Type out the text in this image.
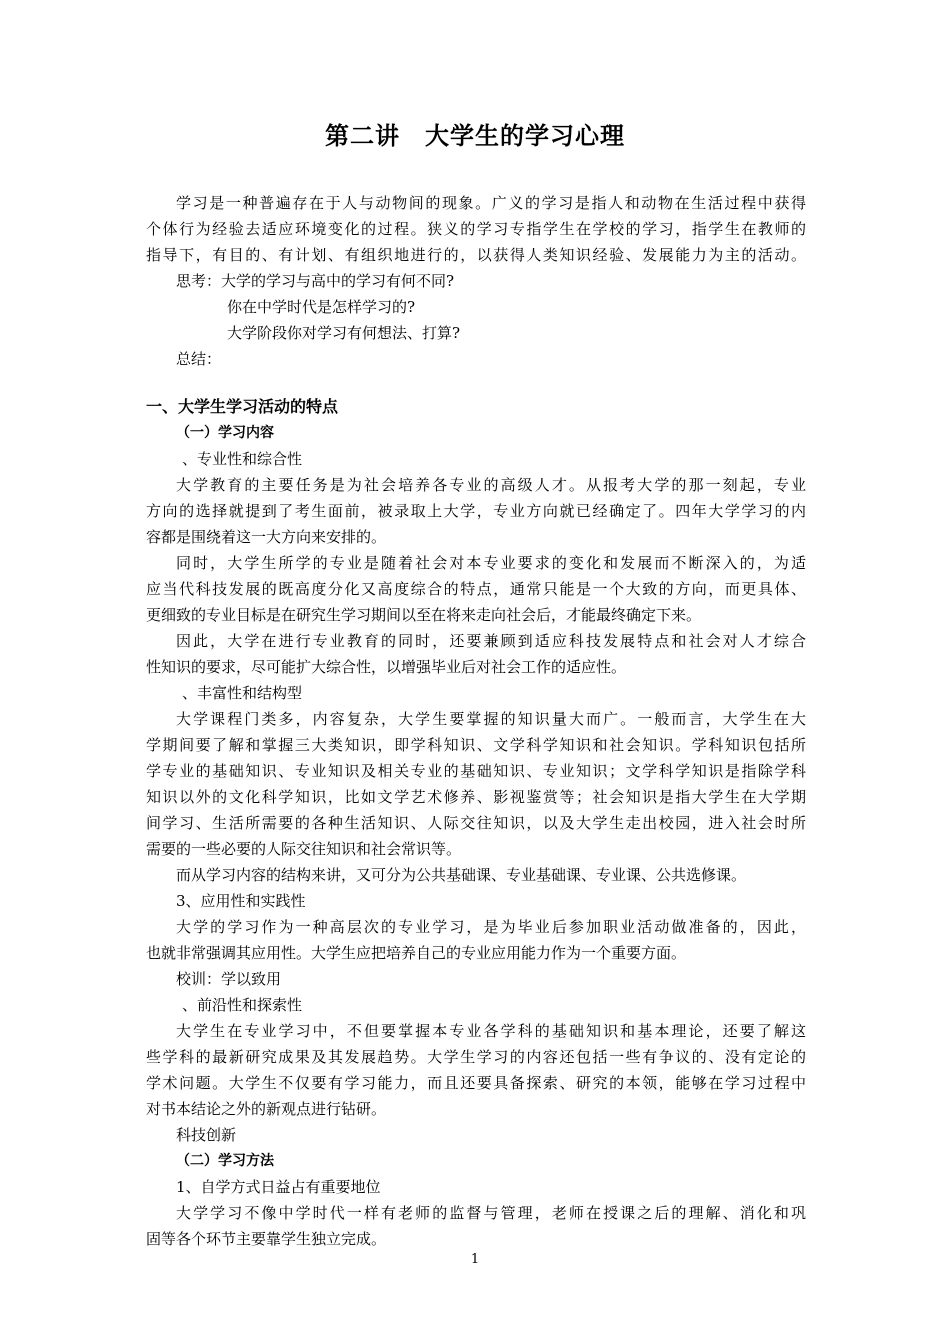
第二讲　大学生的学习心理

学习是一种普遍存在于人与动物间的现象。广义的学习是指人和动物在生活过程中获得

个体行为经验去适应环境变化的过程。狭义的学习专指学生在学校的学习，指学生在教师的

指导下，有目的、有计划、有组织地进行的，以获得人类知识经验、发展能力为主的活动。

思考：大学的学习与高中的学习有何不同?

你在中学时代是怎样学习的?

大学阶段你对学习有何想法、打算?

总结：

一、大学生学习活动的特点

（一）学习内容

、专业性和综合性

大学教育的主要任务是为社会培养各专业的高级人才。从报考大学的那一刻起，专业

方向的选择就提到了考生面前，被录取上大学，专业方向就已经确定了。四年大学学习的内

容都是围绕着这一大方向来安排的。

同时，大学生所学的专业是随着社会对本专业要求的变化和发展而不断深入的，为适

应当代科技发展的既高度分化又高度综合的特点，通常只能是一个大致的方向，而更具体、

更细致的专业目标是在研究生学习期间以至在将来走向社会后，才能最终确定下来。

因此，大学在进行专业教育的同时，还要兼顾到适应科技发展特点和社会对人才综合

性知识的要求，尽可能扩大综合性，以增强毕业后对社会工作的适应性。

、丰富性和结构型

大学课程门类多，内容复杂，大学生要掌握的知识量大而广。一般而言，大学生在大

学期间要了解和掌握三大类知识，即学科知识、文学科学知识和社会知识。学科知识包括所

学专业的基础知识、专业知识及相关专业的基础知识、专业知识；文学科学知识是指除学科

知识以外的文化科学知识，比如文学艺术修养、影视鉴赏等；社会知识是指大学生在大学期

间学习、生活所需要的各种生活知识、人际交往知识，以及大学生走出校园，进入社会时所

需要的一些必要的人际交往知识和社会常识等。

而从学习内容的结构来讲，又可分为公共基础课、专业基础课、专业课、公共选修课。

3、应用性和实践性

大学的学习作为一种高层次的专业学习，是为毕业后参加职业活动做准备的，因此，

也就非常强调其应用性。大学生应把培养自己的专业应用能力作为一个重要方面。

校训：学以致用

、前沿性和探索性

大学生在专业学习中，不但要掌握本专业各学科的基础知识和基本理论，还要了解这

些学科的最新研究成果及其发展趋势。大学生学习的内容还包括一些有争议的、没有定论的

学术问题。大学生不仅要有学习能力，而且还要具备探索、研究的本领，能够在学习过程中

对书本结论之外的新观点进行钻研。

科技创新

（二）学习方法

1、自学方式日益占有重要地位

大学学习不像中学时代一样有老师的监督与管理，老师在授课之后的理解、消化和巩

固等各个环节主要靠学生独立完成。

1
